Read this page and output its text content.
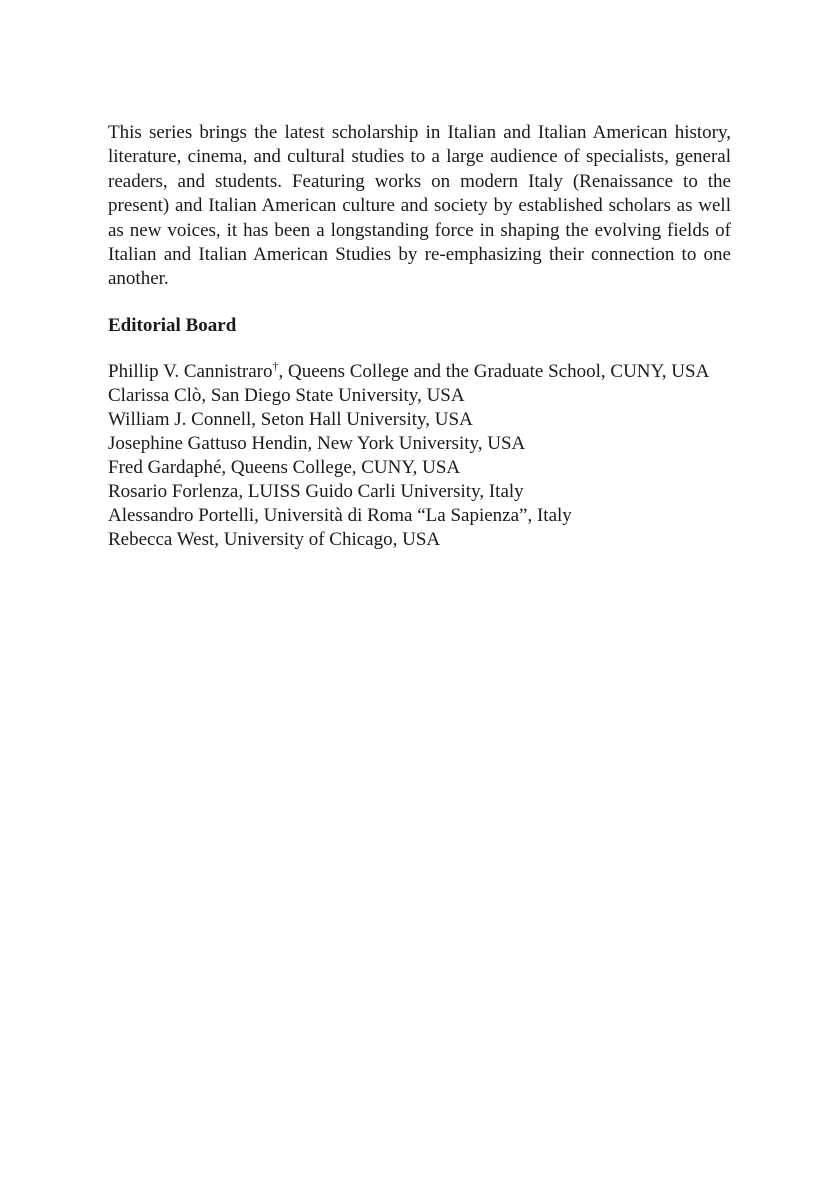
This series brings the latest scholarship in Italian and Italian American history, literature, cinema, and cultural studies to a large audience of specialists, general readers, and students. Featuring works on modern Italy (Renaissance to the present) and Italian American culture and society by established scholars as well as new voices, it has been a longstanding force in shaping the evolving fields of Italian and Italian American Studies by re-emphasizing their connection to one another.

Editorial Board
Phillip V. Cannistraro†, Queens College and the Graduate School, CUNY, USA
Clarissa Clò, San Diego State University, USA
William J. Connell, Seton Hall University, USA
Josephine Gattuso Hendin, New York University, USA
Fred Gardaphé, Queens College, CUNY, USA
Rosario Forlenza, LUISS Guido Carli University, Italy
Alessandro Portelli, Università di Roma “La Sapienza”, Italy
Rebecca West, University of Chicago, USA
